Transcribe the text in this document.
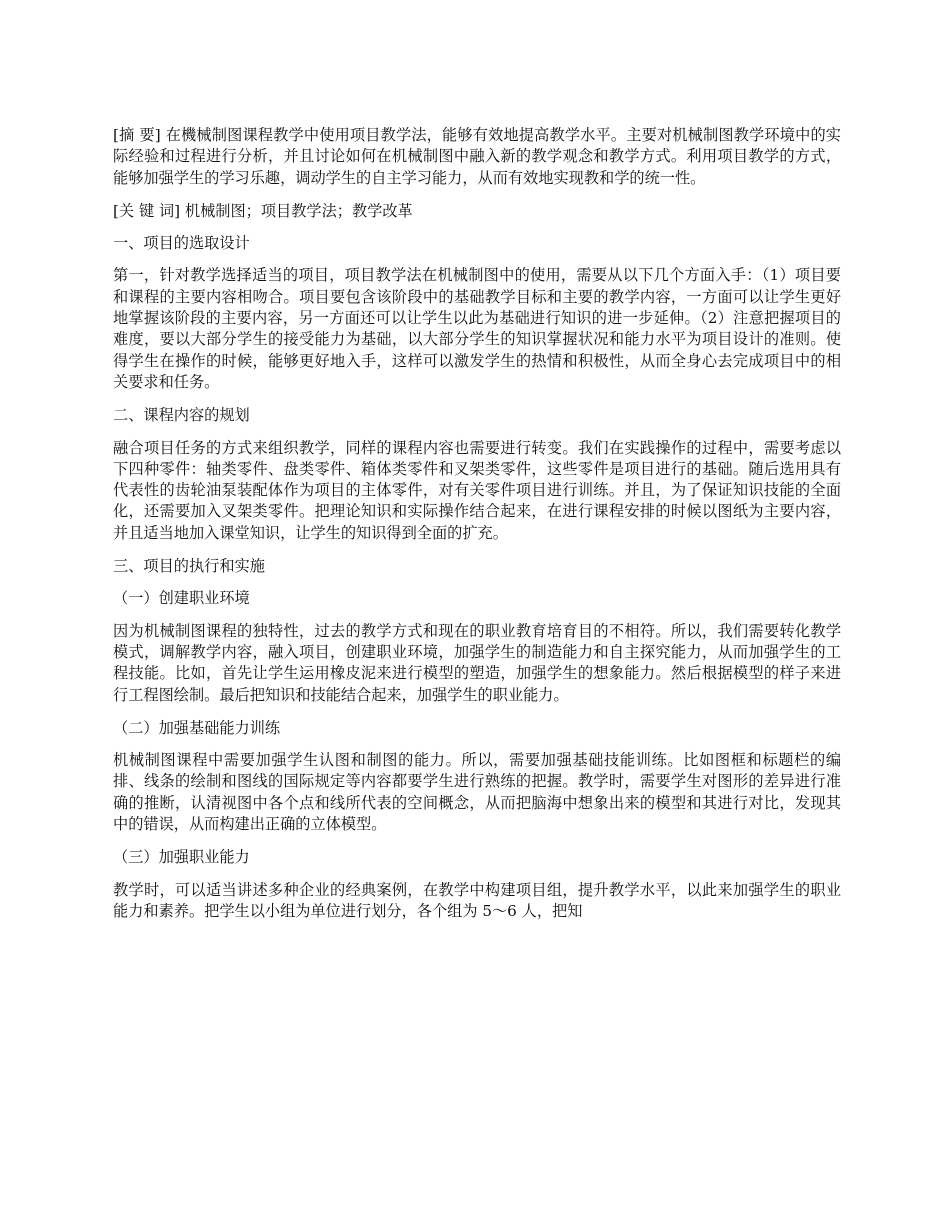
[摘 要] 在機械制图课程教学中使用项目教学法，能够有效地提高教学水平。主要对机械制图教学环境中的实际经验和过程进行分析，并且讨论如何在机械制图中融入新的教学观念和教学方式。利用项目教学的方式，能够加强学生的学习乐趣，调动学生的自主学习能力，从而有效地实现教和学的统一性。

[关 键 词] 机械制图；项目教学法；教学改革

一、项目的选取设计

第一，针对教学选择适当的项目，项目教学法在机械制图中的使用，需要从以下几个方面入手：（1）项目要和课程的主要内容相吻合。项目要包含该阶段中的基础教学目标和主要的教学内容，一方面可以让学生更好地掌握该阶段的主要内容，另一方面还可以让学生以此为基础进行知识的进一步延伸。（2）注意把握项目的难度，要以大部分学生的接受能力为基础，以大部分学生的知识掌握状况和能力水平为项目设计的准则。使得学生在操作的时候，能够更好地入手，这样可以激发学生的热情和积极性，从而全身心去完成项目中的相关要求和任务。

二、课程内容的规划

融合项目任务的方式来组织教学，同样的课程内容也需要进行转变。我们在实践操作的过程中，需要考虑以下四种零件：轴类零件、盘类零件、箱体类零件和叉架类零件，这些零件是项目进行的基础。随后选用具有代表性的齿轮油泵装配体作为项目的主体零件，对有关零件项目进行训练。并且，为了保证知识技能的全面化，还需要加入叉架类零件。把理论知识和实际操作结合起来，在进行课程安排的时候以图纸为主要内容，并且适当地加入课堂知识，让学生的知识得到全面的扩充。

三、项目的执行和实施

（一）创建职业环境

因为机械制图课程的独特性，过去的教学方式和现在的职业教育培育目的不相符。所以，我们需要转化教学模式，调解教学内容，融入项目，创建职业环境，加强学生的制造能力和自主探究能力，从而加强学生的工程技能。比如，首先让学生运用橡皮泥来进行模型的塑造，加强学生的想象能力。然后根据模型的样子来进行工程图绘制。最后把知识和技能结合起来，加强学生的职业能力。

（二）加强基础能力训练

机械制图课程中需要加强学生认图和制图的能力。所以，需要加强基础技能训练。比如图框和标题栏的编排、线条的绘制和图线的国际规定等内容都要学生进行熟练的把握。教学时，需要学生对图形的差异进行准确的推断，认清视图中各个点和线所代表的空间概念，从而把脑海中想象出来的模型和其进行对比，发现其中的错误，从而构建出正确的立体模型。

（三）加强职业能力

教学时，可以适当讲述多种企业的经典案例，在教学中构建项目组，提升教学水平，以此来加强学生的职业能力和素养。把学生以小组为单位进行划分，各个组为 5～6 人，把知
